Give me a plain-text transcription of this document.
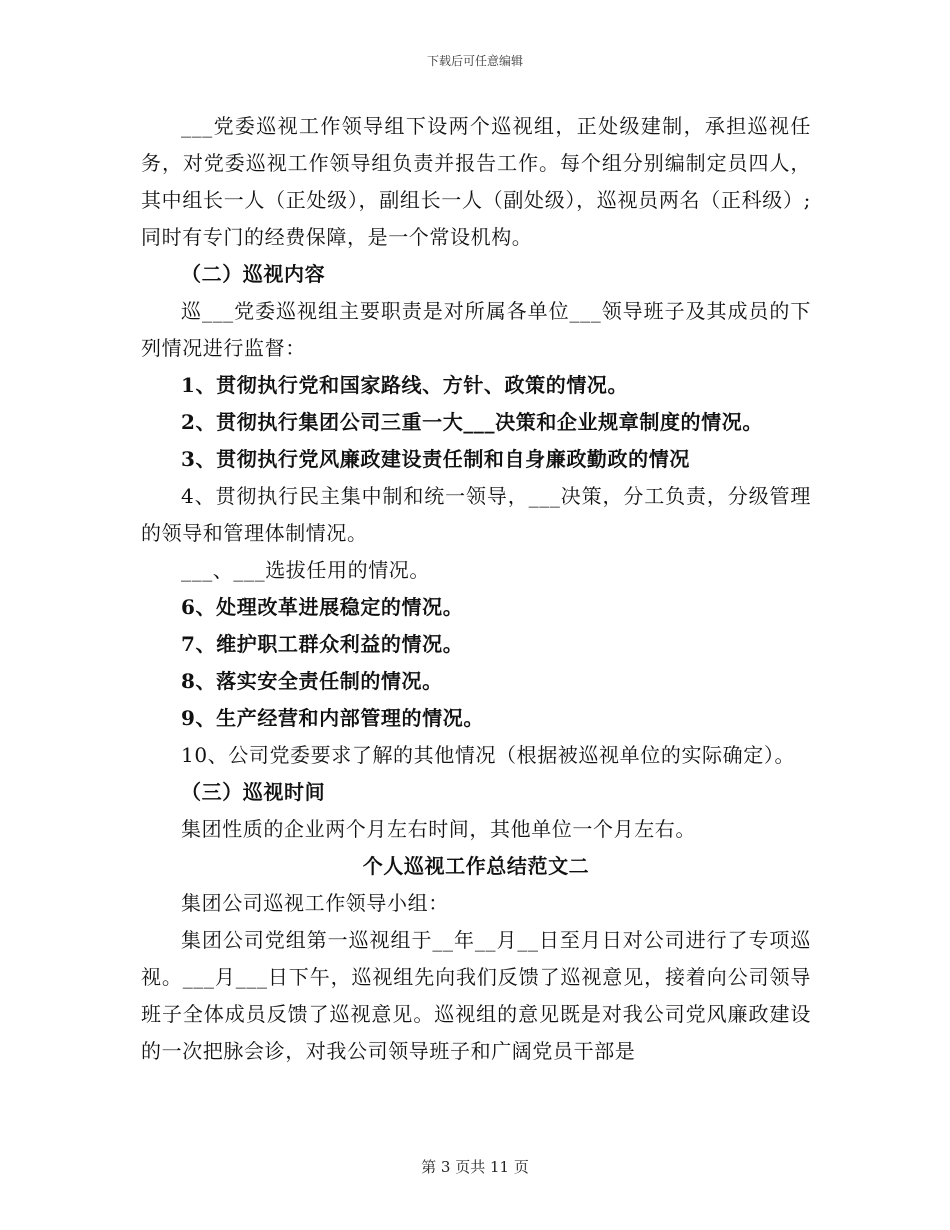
下载后可任意编辑

___党委巡视工作领导组下设两个巡视组，正处级建制，承担巡视任务，对党委巡视工作领导组负责并报告工作。每个组分别编制定员四人，其中组长一人（正处级），副组长一人（副处级），巡视员两名（正科级）;同时有专门的经费保障，是一个常设机构。

（二）巡视内容

巡___党委巡视组主要职责是对所属各单位___领导班子及其成员的下列情况进行监督：

1、贯彻执行党和国家路线、方针、政策的情况。

2、贯彻执行集团公司三重一大___决策和企业规章制度的情况。

3、贯彻执行党风廉政建设责任制和自身廉政勤政的情况

4、贯彻执行民主集中制和统一领导，___决策，分工负责，分级管理的领导和管理体制情况。

___、___选拔任用的情况。

6、处理改革进展稳定的情况。

7、维护职工群众利益的情况。

8、落实安全责任制的情况。

9、生产经营和内部管理的情况。

10、公司党委要求了解的其他情况（根据被巡视单位的实际确定）。

（三）巡视时间

集团性质的企业两个月左右时间，其他单位一个月左右。

个人巡视工作总结范文二

集团公司巡视工作领导小组：

集团公司党组第一巡视组于__年__月__日至月日对公司进行了专项巡视。___月___日下午，巡视组先向我们反馈了巡视意见，接着向公司领导班子全体成员反馈了巡视意见。巡视组的意见既是对我公司党风廉政建设的一次把脉会诊，对我公司领导班子和广阔党员干部是

第 3 页共 11 页
